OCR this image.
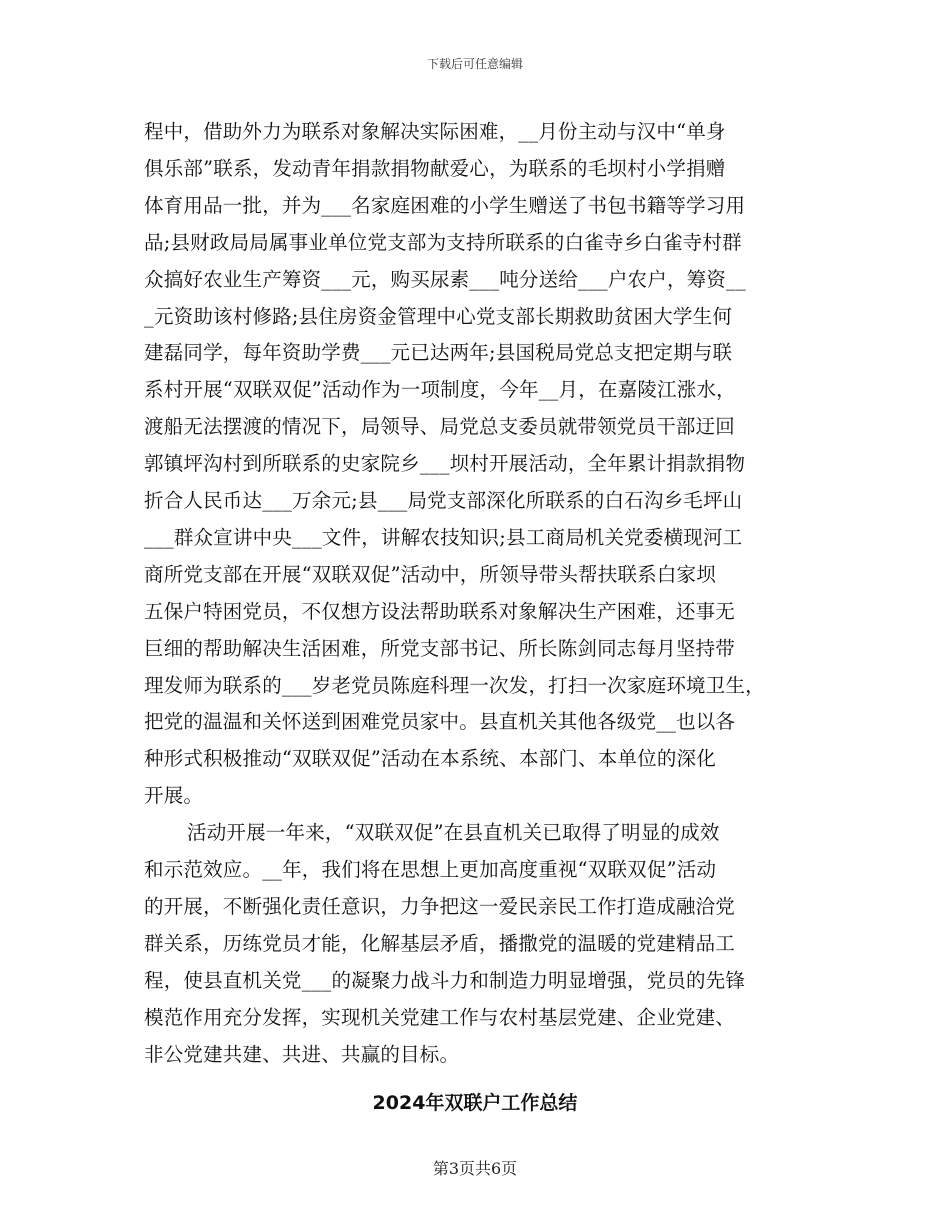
下载后可任意编辑
程中，借助外力为联系对象解决实际困难，__月份主动与汉中“单身
俱乐部”联系，发动青年捐款捐物献爱心，为联系的毛坝村小学捐赠
体育用品一批，并为___名家庭困难的小学生赠送了书包书籍等学习用
品;县财政局局属事业单位党支部为支持所联系的白雀寺乡白雀寺村群
众搞好农业生产筹资___元，购买尿素___吨分送给___户农户，筹资__
_元资助该村修路;县住房资金管理中心党支部长期救助贫困大学生何
建磊同学，每年资助学费___元已达两年;县国税局党总支把定期与联
系村开展“双联双促”活动作为一项制度，今年__月，在嘉陵江涨水，
渡船无法摆渡的情况下，局领导、局党总支委员就带领党员干部迂回
郭镇坪沟村到所联系的史家院乡___坝村开展活动，全年累计捐款捐物
折合人民币达___万余元;县___局党支部深化所联系的白石沟乡毛坪山
___群众宣讲中央___文件，讲解农技知识;县工商局机关党委横现河工
商所党支部在开展“双联双促”活动中，所领导带头帮扶联系白家坝
五保户特困党员，不仅想方设法帮助联系对象解决生产困难，还事无
巨细的帮助解决生活困难，所党支部书记、所长陈剑同志每月坚持带
理发师为联系的___岁老党员陈庭科理一次发，打扫一次家庭环境卫生，
把党的温温和关怀送到困难党员家中。县直机关其他各级党__也以各
种形式积极推动“双联双促”活动在本系统、本部门、本单位的深化
开展。
活动开展一年来，“双联双促”在县直机关已取得了明显的成效
和示范效应。__年，我们将在思想上更加高度重视“双联双促”活动
的开展，不断强化责任意识，力争把这一爱民亲民工作打造成融洽党
群关系，历练党员才能，化解基层矛盾，播撒党的温暖的党建精品工
程，使县直机关党___的凝聚力战斗力和制造力明显增强，党员的先锋
模范作用充分发挥，实现机关党建工作与农村基层党建、企业党建、
非公党建共建、共进、共赢的目标。
2024年双联户工作总结
第3页共6页
